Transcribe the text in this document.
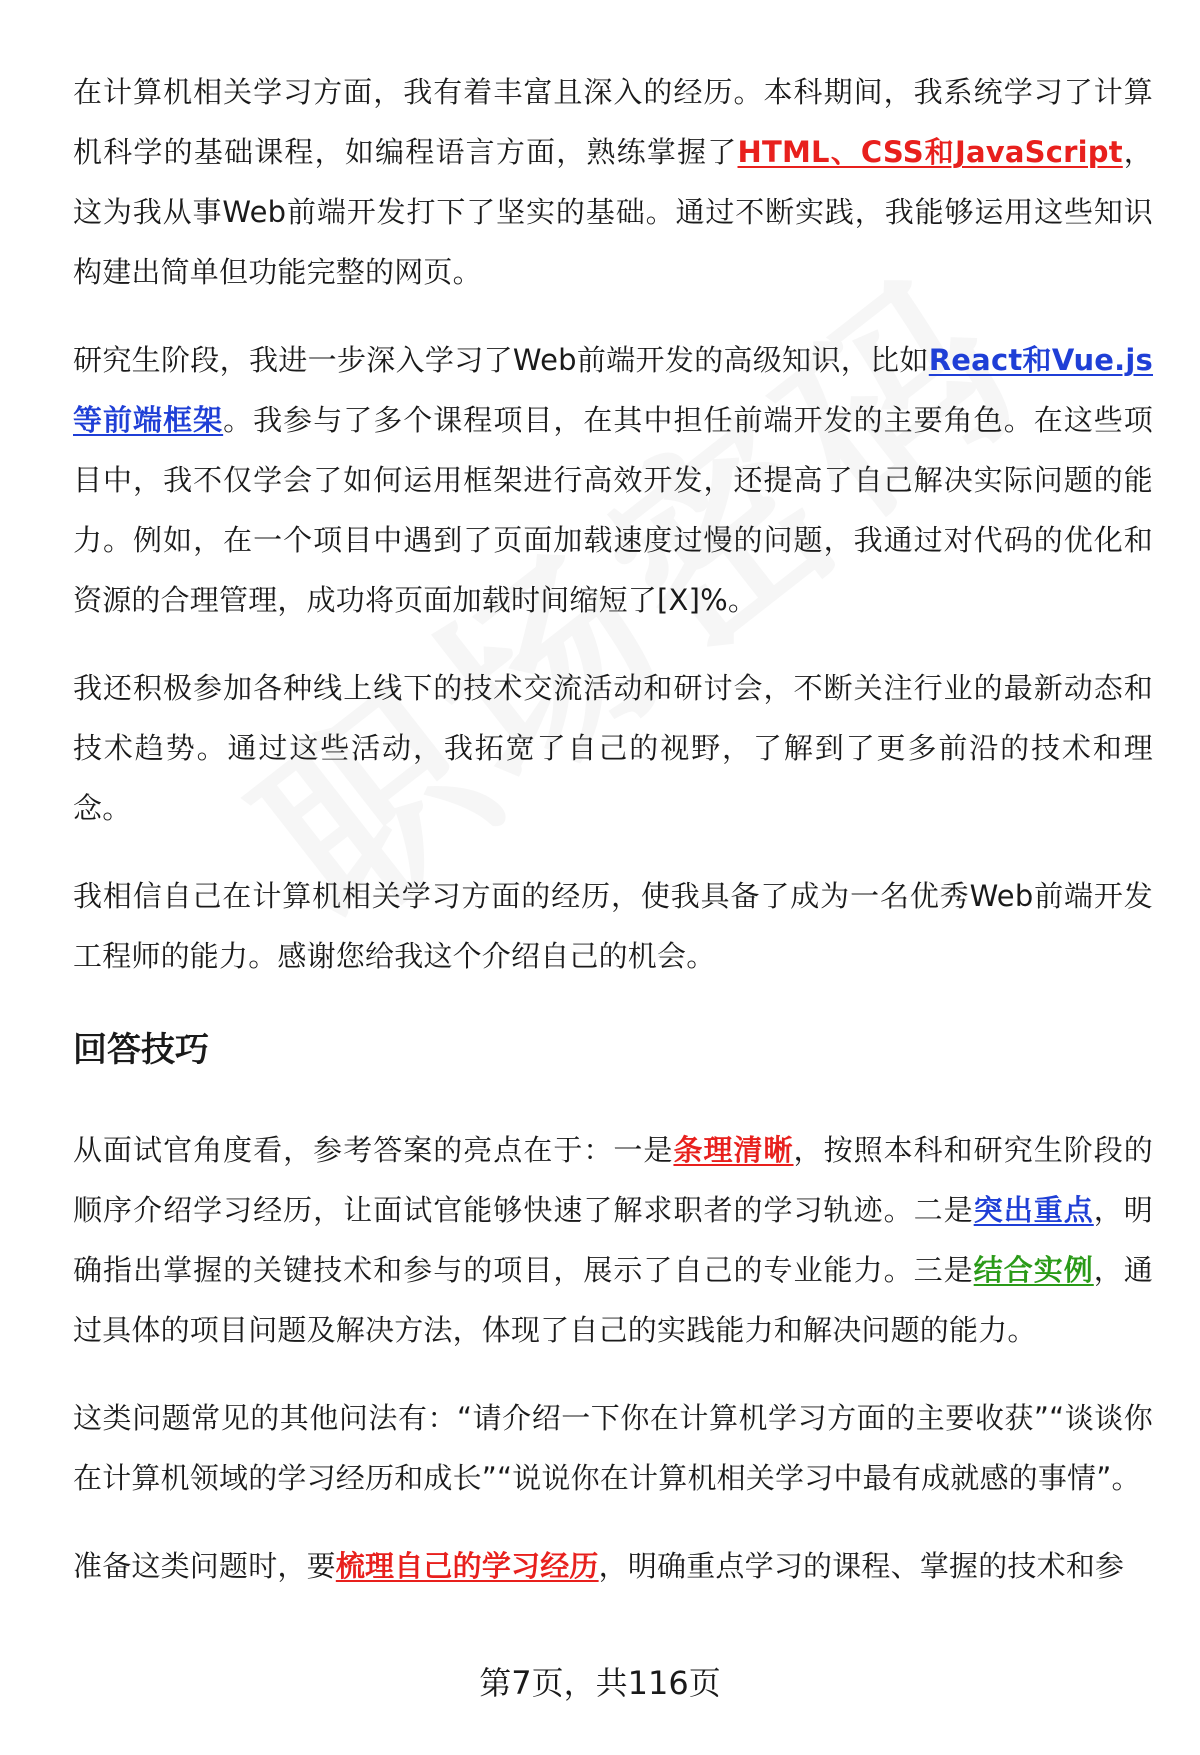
在计算机相关学习方面，我有着丰富且深入的经历。本科期间，我系统学习了计算机科学的基础课程，如编程语言方面，熟练掌握了HTML、CSS和JavaScript，这为我从事Web前端开发打下了坚实的基础。通过不断实践，我能够运用这些知识构建出简单但功能完整的网页。

研究生阶段，我进一步深入学习了Web前端开发的高级知识，比如React和Vue.js等前端框架。我参与了多个课程项目，在其中担任前端开发的主要角色。在这些项目中，我不仅学会了如何运用框架进行高效开发，还提高了自己解决实际问题的能力。例如，在一个项目中遇到了页面加载速度过慢的问题，我通过对代码的优化和资源的合理管理，成功将页面加载时间缩短了[X]%。

我还积极参加各种线上线下的技术交流活动和研讨会，不断关注行业的最新动态和技术趋势。通过这些活动，我拓宽了自己的视野，了解到了更多前沿的技术和理念。

我相信自己在计算机相关学习方面的经历，使我具备了成为一名优秀Web前端开发工程师的能力。感谢您给我这个介绍自己的机会。

回答技巧

从面试官角度看，参考答案的亮点在于：一是条理清晰，按照本科和研究生阶段的顺序介绍学习经历，让面试官能够快速了解求职者的学习轨迹。二是突出重点，明确指出掌握的关键技术和参与的项目，展示了自己的专业能力。三是结合实例，通过具体的项目问题及解决方法，体现了自己的实践能力和解决问题的能力。

这类问题常见的其他问法有：“请介绍一下你在计算机学习方面的主要收获”“谈谈你在计算机领域的学习经历和成长”“说说你在计算机相关学习中最有成就感的事情”。

准备这类问题时，要梳理自己的学习经历，明确重点学习的课程、掌握的技术和参

第7页，共116页
